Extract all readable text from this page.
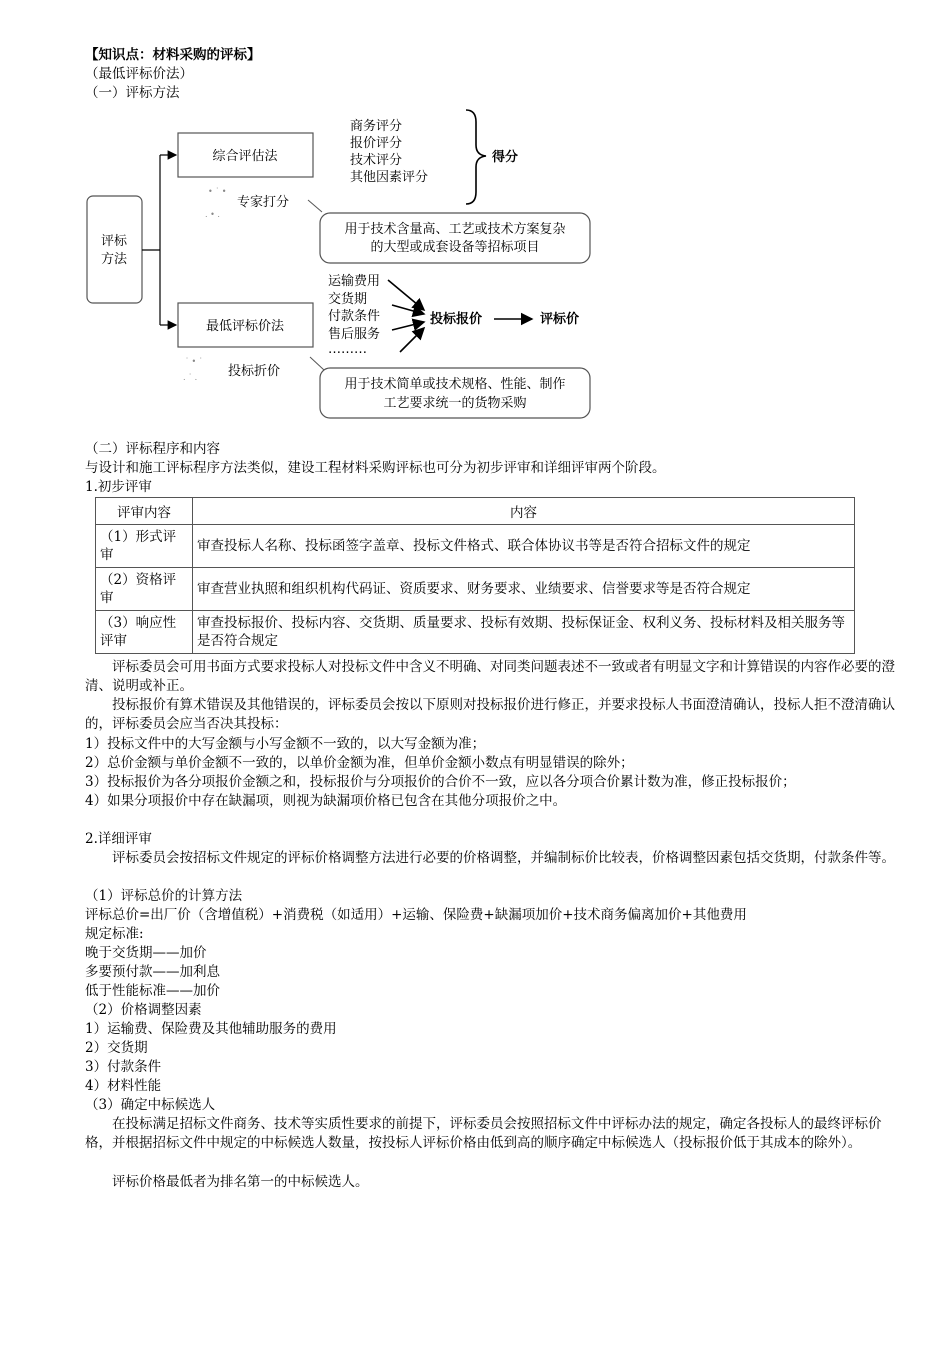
【知识点：材料采购的评标】
（最低评标价法）
（一）评标方法
评标
方法
综合评估法
商务评分
报价评分
技术评分
其他因素评分
得分
• ˙ •
. • .
专家打分
用于技术含量高、工艺或技术方案复杂
的大型或成套设备等招标项目
最低评标价法
运输费用
交货期
付款条件
售后服务
………
投标报价	评标价
˙ • ˙
. ˙ . 投标折价
用于技术简单或技术规格、性能、制作
工艺要求统一的货物采购
（二）评标程序和内容
与设计和施工评标程序方法类似，建设工程材料采购评标也可分为初步评审和详细评审两个阶段。
1.初步评审
评审内容	内容
（1）形式评审	审查投标人名称、投标函签字盖章、投标文件格式、联合体协议书等是否符合招标文件的规定
（2）资格评审	审查营业执照和组织机构代码证、资质要求、财务要求、业绩要求、信誉要求等是否符合规定
（3）响应性评审	审查投标报价、投标内容、交货期、质量要求、投标有效期、投标保证金、权利义务、投标材料及相关服务等是否符合规定
评标委员会可用书面方式要求投标人对投标文件中含义不明确、对同类问题表述不一致或者有明显文字和计算错误的内容作必要的澄清、说明或补正。
投标报价有算术错误及其他错误的，评标委员会按以下原则对投标报价进行修正，并要求投标人书面澄清确认，投标人拒不澄清确认的，评标委员会应当否决其投标：
1）投标文件中的大写金额与小写金额不一致的，以大写金额为准；
2）总价金额与单价金额不一致的，以单价金额为准，但单价金额小数点有明显错误的除外；
3）投标报价为各分项报价金额之和，投标报价与分项报价的合价不一致，应以各分项合价累计数为准，修正投标报价；
4）如果分项报价中存在缺漏项，则视为缺漏项价格已包含在其他分项报价之中。
2.详细评审
评标委员会按招标文件规定的评标价格调整方法进行必要的价格调整，并编制标价比较表，价格调整因素包括交货期，付款条件等。
（1）评标总价的计算方法
评标总价=出厂价（含增值税）+消费税（如适用）+运输、保险费+缺漏项加价+技术商务偏离加价+其他费用
规定标准:
晚于交货期——加价
多要预付款——加利息
低于性能标准——加价
（2）价格调整因素
1）运输费、保险费及其他辅助服务的费用
2）交货期
3）付款条件
4）材料性能
（3）确定中标候选人
在投标满足招标文件商务、技术等实质性要求的前提下，评标委员会按照招标文件中评标办法的规定，确定各投标人的最终评标价格，并根据招标文件中规定的中标候选人数量，按投标人评标价格由低到高的顺序确定中标候选人（投标报价低于其成本的除外）。
评标价格最低者为排名第一的中标候选人。
